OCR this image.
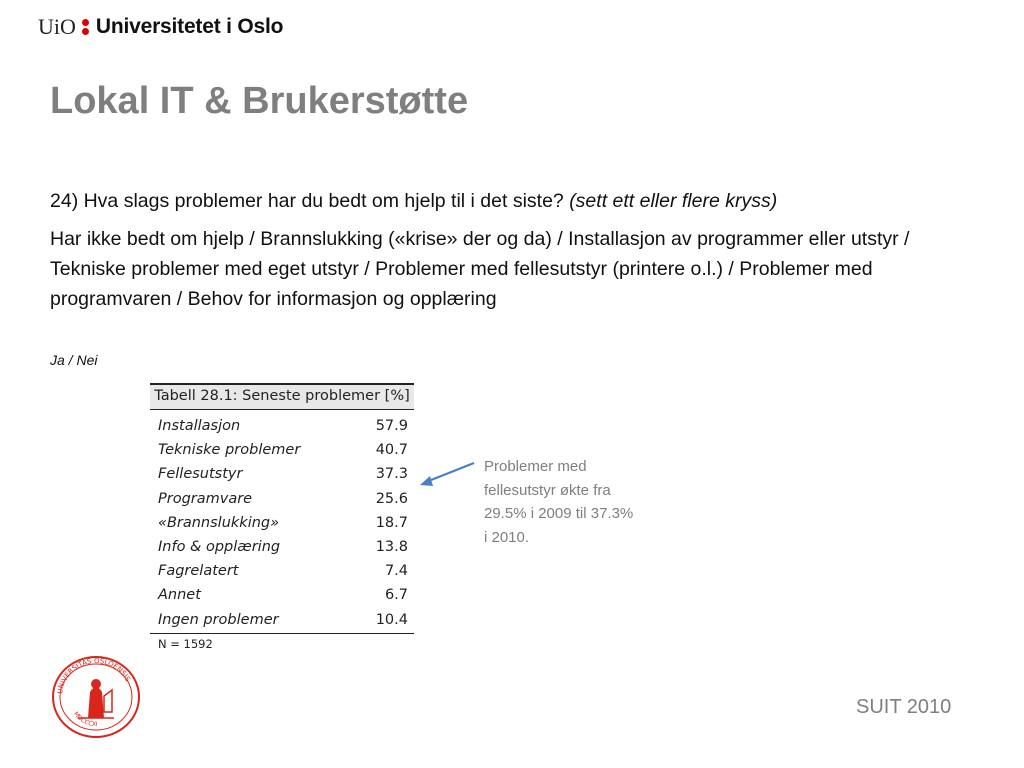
UiO Universitetet i Oslo
Lokal IT & Brukerstøtte
24) Hva slags problemer har du bedt om hjelp til i det siste? (sett ett eller flere kryss)
Har ikke bedt om hjelp / Brannslukking («krise» der og da) / Installasjon av programmer eller utstyr / Tekniske problemer med eget utstyr / Problemer med fellesutstyr (printere o.l.) / Problemer med programvaren / Behov for informasjon og opplæring
Ja / Nei
Tabell 28.1: Seneste problemer [%]
Installasjon	57.9
Tekniske problemer	40.7
Fellesutstyr	37.3
Programvare	25.6
«Brannslukking»	18.7
Info & opplæring	13.8
Fagrelatert	7.4
Annet	6.7
Ingen problemer	10.4
N = 1592
Problemer med fellesutstyr økte fra 29.5% i 2009 til 37.3% i 2010.
UNIVERSITAS OSLOENSIS
MDCCCXI
SUIT 2010
